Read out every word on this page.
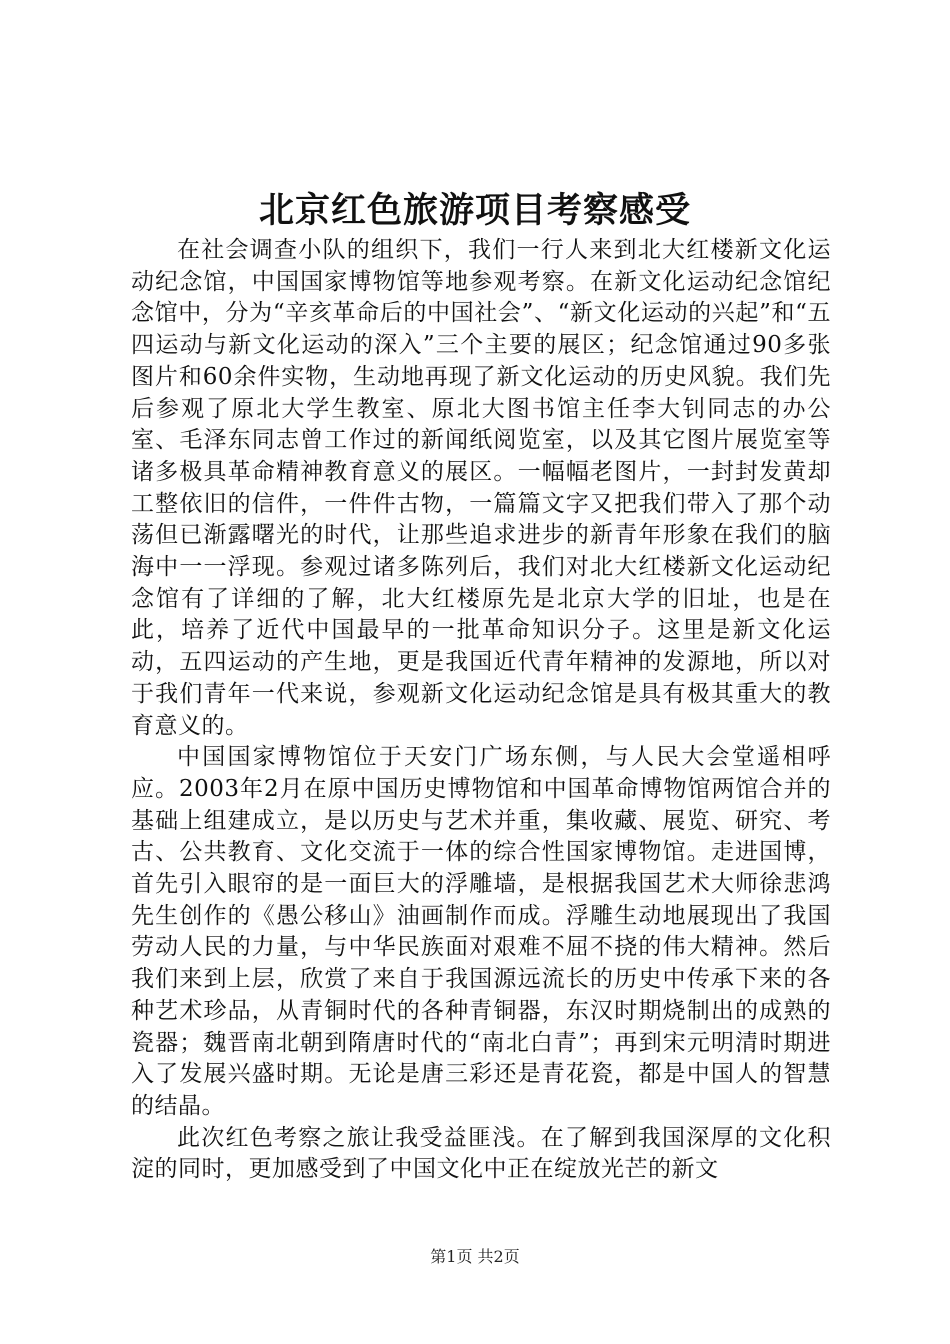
北京红色旅游项目考察感受

在社会调查小队的组织下，我们一行人来到北大红楼新文化运动纪念馆，中国国家博物馆等地参观考察。在新文化运动纪念馆纪念馆中，分为“辛亥革命后的中国社会”、“新文化运动的兴起”和“五四运动与新文化运动的深入”三个主要的展区；纪念馆通过90多张图片和60余件实物，生动地再现了新文化运动的历史风貌。我们先后参观了原北大学生教室、原北大图书馆主任李大钊同志的办公室、毛泽东同志曾工作过的新闻纸阅览室，以及其它图片展览室等诸多极具革命精神教育意义的展区。一幅幅老图片，一封封发黄却工整依旧的信件，一件件古物，一篇篇文字又把我们带入了那个动荡但已渐露曙光的时代，让那些追求进步的新青年形象在我们的脑海中一一浮现。参观过诸多陈列后，我们对北大红楼新文化运动纪念馆有了详细的了解，北大红楼原先是北京大学的旧址，也是在此，培养了近代中国最早的一批革命知识分子。这里是新文化运动，五四运动的产生地，更是我国近代青年精神的发源地，所以对于我们青年一代来说，参观新文化运动纪念馆是具有极其重大的教育意义的。

中国国家博物馆位于天安门广场东侧，与人民大会堂遥相呼应。2003年2月在原中国历史博物馆和中国革命博物馆两馆合并的基础上组建成立，是以历史与艺术并重，集收藏、展览、研究、考古、公共教育、文化交流于一体的综合性国家博物馆。走进国博，首先引入眼帘的是一面巨大的浮雕墙，是根据我国艺术大师徐悲鸿先生创作的《愚公移山》油画制作而成。浮雕生动地展现出了我国劳动人民的力量，与中华民族面对艰难不屈不挠的伟大精神。然后我们来到上层，欣赏了来自于我国源远流长的历史中传承下来的各种艺术珍品，从青铜时代的各种青铜器，东汉时期烧制出的成熟的瓷器；魏晋南北朝到隋唐时代的“南北白青”；再到宋元明清时期进入了发展兴盛时期。无论是唐三彩还是青花瓷，都是中国人的智慧的结晶。

此次红色考察之旅让我受益匪浅。在了解到我国深厚的文化积淀的同时，更加感受到了中国文化中正在绽放光芒的新文

第1页 共2页
